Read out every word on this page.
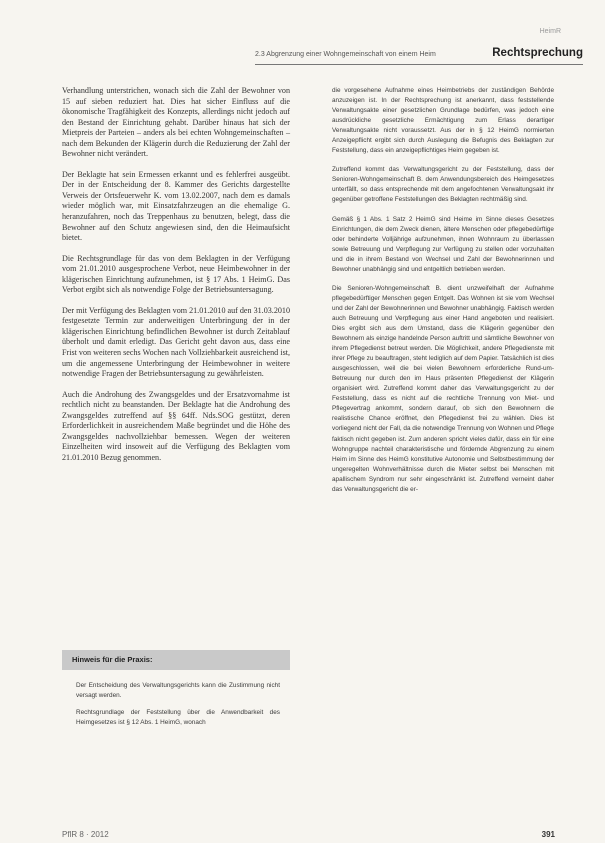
HeimR
2.3 Abgrenzung einer Wohngemeinschaft von einem Heim	Rechtsprechung

Verhandlung unterstrichen, wonach sich die Zahl der Bewohner von 15 auf sieben reduziert hat. Dies hat sicher Einfluss auf die ökonomische Tragfähigkeit des Konzepts, allerdings nicht jedoch auf den Bestand der Einrichtung gehabt. Darüber hinaus hat sich der Mietpreis der Parteien – anders als bei echten Wohngemeinschaften – nach dem Bekunden der Klägerin durch die Reduzierung der Zahl der Bewohner nicht verändert.

Der Beklagte hat sein Ermessen erkannt und es fehlerfrei ausgeübt. Der in der Entscheidung der 8. Kammer des Gerichts dargestellte Verweis der Ortsfeuerwehr K. vom 13.02.2007, nach dem es damals wieder möglich war, mit Einsatzfahrzeugen an die ehemalige G. heranzufahren, noch das Treppenhaus zu benutzen, belegt, dass die Bewohner auf den Schutz angewiesen sind, den die Heimaufsicht bietet.

Die Rechtsgrundlage für das von dem Beklagten in der Verfügung vom 21.01.2010 ausgesprochene Verbot, neue Heimbewohner in der klägerischen Einrichtung aufzunehmen, ist § 17 Abs. 1 HeimG. Das Verbot ergibt sich als notwendige Folge der Betriebsuntersagung.

Der mit Verfügung des Beklagten vom 21.01.2010 auf den 31.03.2010 festgesetzte Termin zur anderweitigen Unterbringung der in der klägerischen Einrichtung befindlichen Bewohner ist durch Zeitablauf überholt und damit erledigt. Das Gericht geht davon aus, dass eine Frist von weiteren sechs Wochen nach Vollziehbarkeit ausreichend ist, um die angemessene Unterbringung der Heimbewohner in weitere notwendige Fragen der Betriebsuntersagung zu gewährleisten.

Auch die Androhung des Zwangsgeldes und der Ersatzvornahme ist rechtlich nicht zu beanstanden. Der Beklagte hat die Androhung des Zwangsgeldes zutreffend auf §§ 64ff. Nds.SOG gestützt, deren Erforderlichkeit in ausreichendem Maße begründet und die Höhe des Zwangsgeldes nachvollziehbar bemessen. Wegen der weiteren Einzelheiten wird insoweit auf die Verfügung des Beklagten vom 21.01.2010 Bezug genommen.

Hinweis für die Praxis:

Der Entscheidung des Verwaltungsgerichts kann die Zustimmung nicht versagt werden.

Rechtsgrundlage der Feststellung über die Anwendbarkeit des Heimgesetzes ist § 12 Abs. 1 HeimG, wonach

die vorgesehene Aufnahme eines Heimbetriebs der zuständigen Behörde anzuzeigen ist. In der Rechtsprechung ist anerkannt, dass feststellende Verwaltungsakte einer gesetzlichen Grundlage bedürfen, was jedoch eine ausdrückliche gesetzliche Ermächtigung zum Erlass derartiger Verwaltungsakte nicht voraussetzt. Aus der in § 12 HeimG normierten Anzeigepflicht ergibt sich durch Auslegung die Befugnis des Beklagten zur Feststellung, dass ein anzeigepflichtiges Heim gegeben ist.

Zutreffend kommt das Verwaltungsgericht zu der Feststellung, dass der Senioren-Wohngemeinschaft B. dem Anwendungsbereich des Heimgesetzes unterfällt, so dass entsprechende mit dem angefochtenen Verwaltungsakt ihr gegenüber getroffene Feststellungen des Beklagten rechtmäßig sind.

Gemäß § 1 Abs. 1 Satz 2 HeimG sind Heime im Sinne dieses Gesetzes Einrichtungen, die dem Zweck dienen, ältere Menschen oder pflegebedürftige oder behinderte Volljährige aufzunehmen, ihnen Wohnraum zu überlassen sowie Betreuung und Verpflegung zur Verfügung zu stellen oder vorzuhalten und die in ihrem Bestand von Wechsel und Zahl der Bewohnerinnen und Bewohner unabhängig sind und entgeltlich betrieben werden.

Die Senioren-Wohngemeinschaft B. dient unzweifelhaft der Aufnahme pflegebedürftiger Menschen gegen Entgelt. Das Wohnen ist sie vom Wechsel und der Zahl der Bewohnerinnen und Bewohner unabhängig. Faktisch werden auch Betreuung und Verpflegung aus einer Hand angeboten und realisiert. Dies ergibt sich aus dem Umstand, dass die Klägerin gegenüber den Bewohnern als einzige handelnde Person auftritt und sämtliche Bewohner von ihrem Pflegedienst betreut werden. Die Möglichkeit, andere Pflegedienste mit ihrer Pflege zu beauftragen, steht lediglich auf dem Papier. Tatsächlich ist dies ausgeschlossen, weil die bei vielen Bewohnern erforderliche Rund-um-Betreuung nur durch den im Haus präsenten Pflegedienst der Klägerin organisiert wird. Zutreffend kommt daher das Verwaltungsgericht zu der Feststellung, dass es nicht auf die rechtliche Trennung von Miet- und Pflegevertrag ankommt, sondern darauf, ob sich den Bewohnern die realistische Chance eröffnet, den Pflegedienst frei zu wählen. Dies ist vorliegend nicht der Fall, da die notwendige Trennung von Wohnen und Pflege faktisch nicht gegeben ist. Zum anderen spricht vieles dafür, dass ein für eine Wohngruppe nachteil charakteristische und fördernde Abgrenzung zu einem Heim im Sinne des HeimG konstitutive Autonomie und Selbstbestimmung der ungeregelten Wohnverhältnisse durch die Mieter selbst bei Menschen mit apallischem Syndrom nur sehr eingeschränkt ist. Zutreffend verneint daher das Verwaltungsgericht die er-

PflR 8 · 2012	391
